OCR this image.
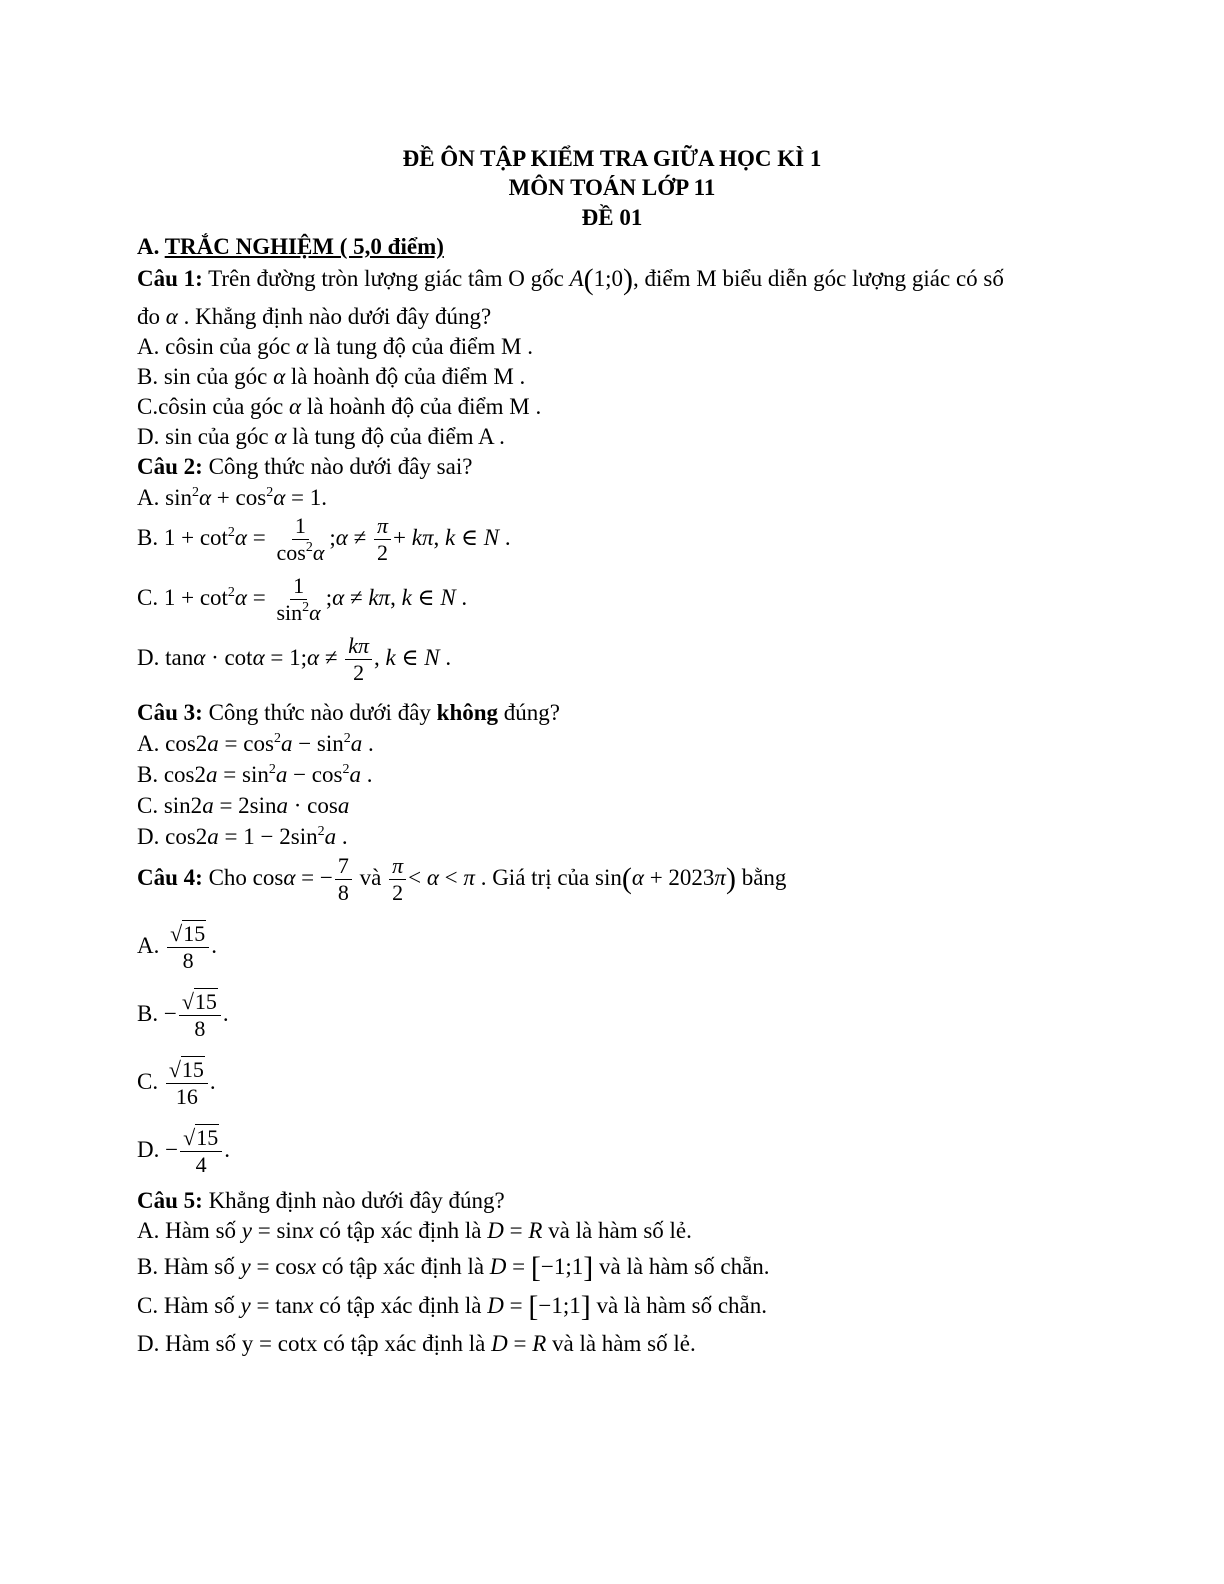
ĐỀ ÔN TẬP KIỂM TRA GIỮA HỌC KÌ 1
MÔN TOÁN LỚP 11
ĐỀ 01
A. TRẮC NGHIỆM ( 5,0 điểm)
Câu 1: Trên đường tròn lượng giác tâm O gốc A(1;0), điểm M biểu diễn góc lượng giác có số
đo α . Khẳng định nào dưới đây đúng?
A. côsin của góc α là tung độ của điểm M .
B. sin của góc α là hoành độ của điểm M .
C.côsin của góc α là hoành độ của điểm M .
D. sin của góc α là tung độ của điểm A .
Câu 2: Công thức nào dưới đây sai?
A. $\sin^2\alpha + \cos^2\alpha = 1$.
B. $1 + \cot^2\alpha = \frac{1}{\cos^2\alpha}$ ;α ≠ $\frac{\pi}{2} + k\pi$, k ∈ N .
C. $1 + \cot^2\alpha = \frac{1}{\sin^2\alpha}$ ;α ≠ kπ, k ∈ N .
D. tanα · cotα = 1;α ≠ $\frac{k\pi}{2}$ , k ∈ N .
Câu 3: Công thức nào dưới đây không đúng?
A. $\cos 2a = \cos^2a - \sin^2a$ .
B. $\cos 2a = \sin^2a - \cos^2a$ .
C. sin2a = 2sina · cosa
D. $\cos 2a = 1 - 2\sin^2a$ .
Câu 4: Cho cosα = − $\frac{7}{8}$ và $\frac{\pi}{2} < \alpha < \pi$ . Giá trị của sin(α + 2023π) bằng
A. $\frac{√15}{8}$ .
B. − $\frac{√15}{8}$ .
C. $\frac{√15}{16}$ .
D. − $\frac{√15}{4}$ .
Câu 5: Khẳng định nào dưới đây đúng?
A. Hàm số y = sinx có tập xác định là D = R và là hàm số lẻ.
B. Hàm số y = cosx có tập xác định là D = [−1;1] và là hàm số chẵn.
C. Hàm số y = tanx có tập xác định là D = [−1;1] và là hàm số chẵn.
D. Hàm số y = cotx có tập xác định là D = R và là hàm số lẻ.
